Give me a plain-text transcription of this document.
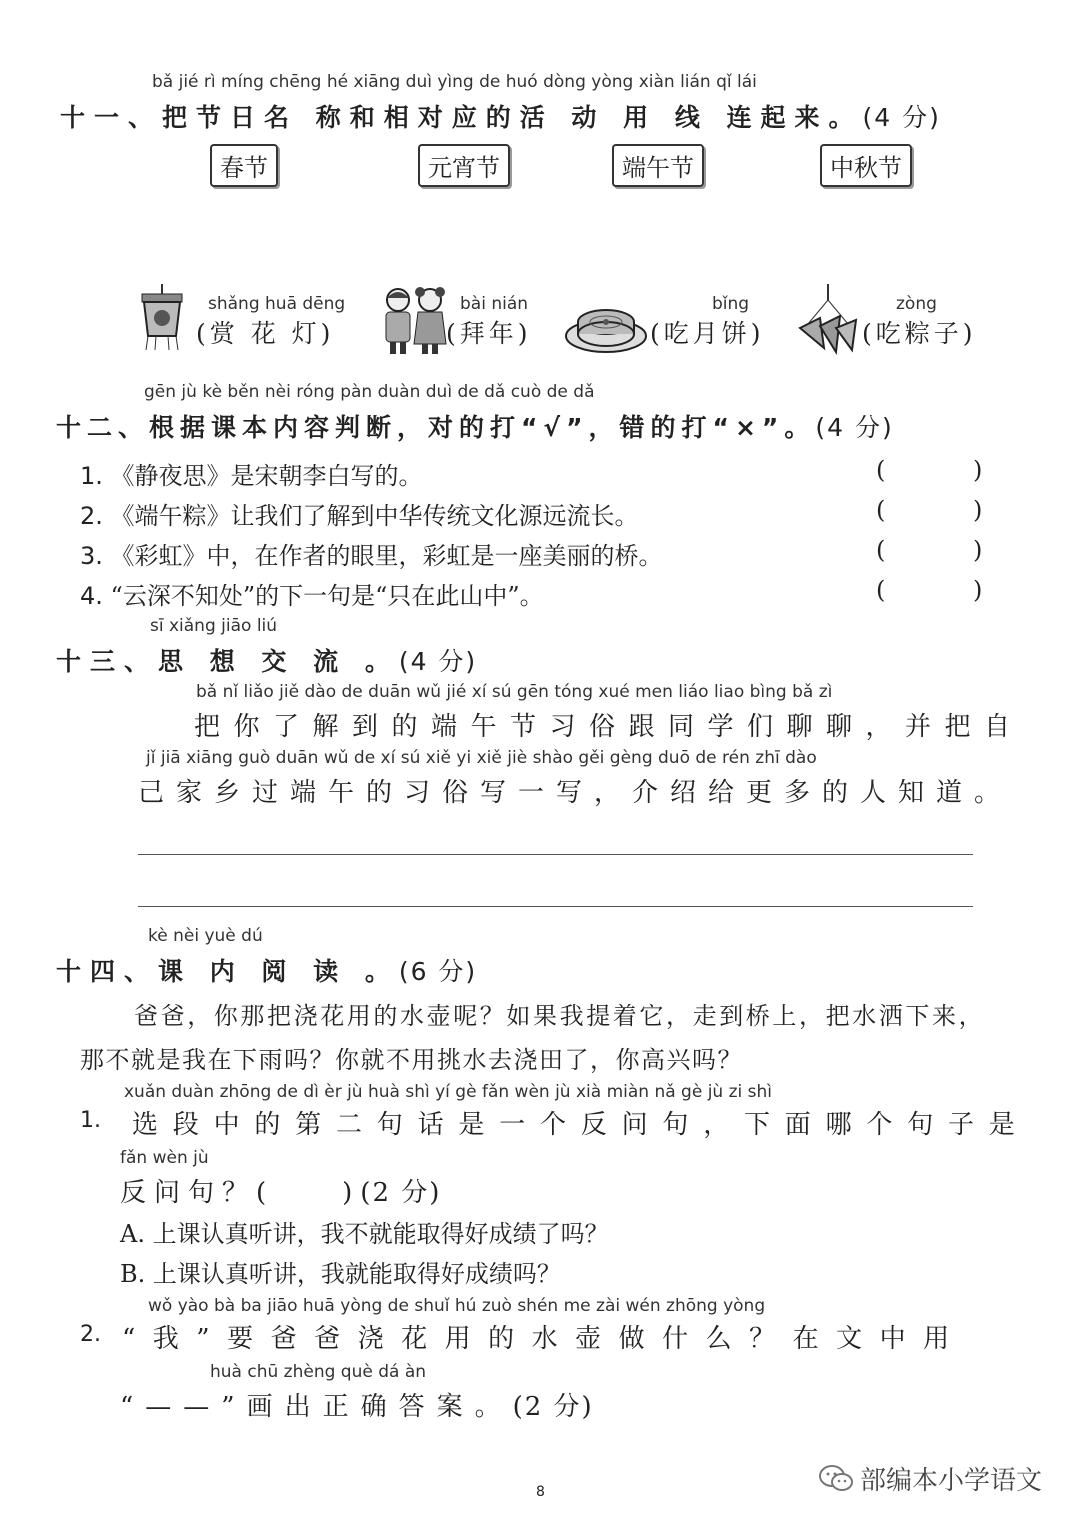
bǎ jié rì míng chēng hé xiāng duì yìng de huó dòng yòng xiàn lián qǐ lái
十一、把节日名 称和相对应的活 动 用 线 连起来。(4 分)
春节	元宵节	端午节	中秋节
shǎng huā dēng
(赏 花 灯)
bài nián
(拜年)
bǐng
(吃月饼)
zòng
(吃粽子)
gēn jù kè běn nèi róng pàn duàn duì de dǎ cuò de dǎ
十二、根据课本内容判断，对的打“√”，错的打“×”。(4 分)
1. 《静夜思》是宋朝李白写的。	( )
2. 《端午粽》让我们了解到中华传统文化源远流长。	( )
3. 《彩虹》中，在作者的眼里，彩虹是一座美丽的桥。	( )
4. “云深不知处”的下一句是“只在此山中”。	( )
sī xiǎng jiāo liú
十三、思 想 交 流 。(4 分)
bǎ nǐ liǎo jiě dào de duān wǔ jié xí sú gēn tóng xué men liáo liao bìng bǎ zì
把你了解到的端午节习俗跟同学们聊聊，并把自
jǐ jiā xiāng guò duān wǔ de xí sú xiě yi xiě jiè shào gěi gèng duō de rén zhī dào
己家乡过端午的习俗写一写，介绍给更多的人知道。
kè nèi yuè dú
十四、课 内 阅 读 。(6 分)
爸爸，你那把浇花用的水壶呢？如果我提着它，走到桥上，把水洒下来，
那不就是我在下雨吗？你就不用挑水去浇田了，你高兴吗？
xuǎn duàn zhōng de dì èr jù huà shì yí gè fǎn wèn jù xià miàn nǎ gè jù zi shì
1. 选段中的第二句话是一个反问句，下面哪个句子是
fǎn wèn jù
反问句？(　　)(2 分)
A. 上课认真听讲，我不就能取得好成绩了吗？
B. 上课认真听讲，我就能取得好成绩吗？
wǒ yào bà ba jiāo huā yòng de shuǐ hú zuò shén me zài wén zhōng yòng
2. “我”要爸爸浇花用的水壶做什么？在文中用
huà chū zhèng què dá àn
“——”画出正确答案。(2 分)
8	部编本小学语文
